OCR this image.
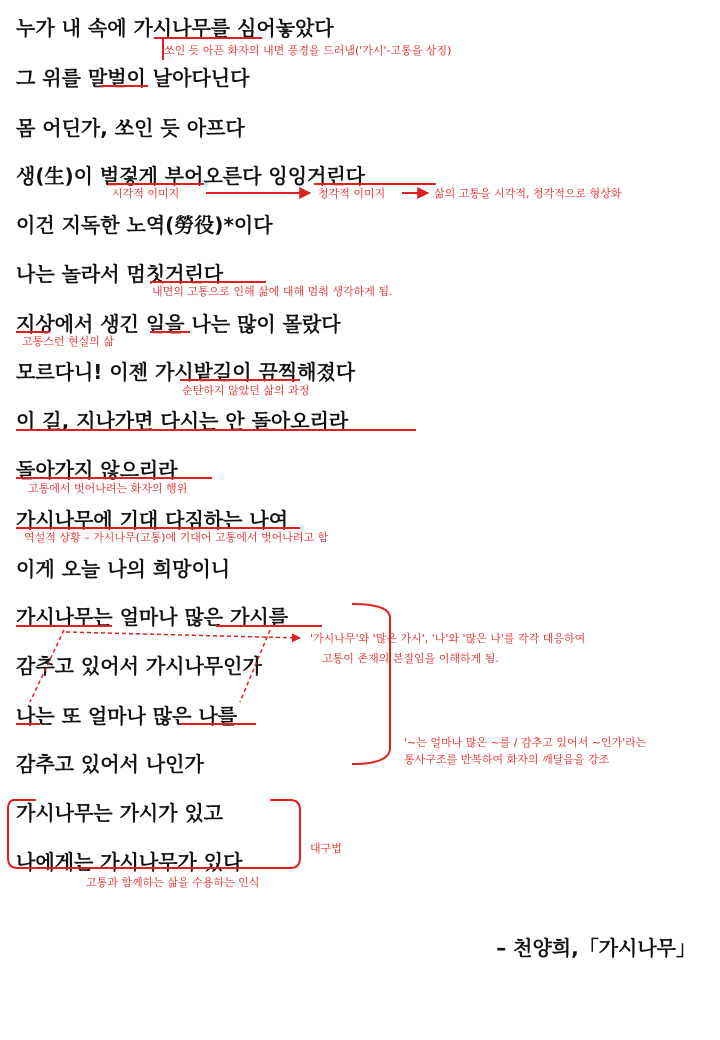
누가 내 속에 가시나무를 심어놓았다
그 위를 말벌이 날아다닌다
몸 어딘가, 쏘인 듯 아프다
생(生)이 벌겋게 부어오른다 잉잉거린다
이건 지독한 노역(勞役)*이다
나는 놀라서 멈칫거린다
지상에서 생긴 일을 나는 많이 몰랐다
모르다니! 이젠 가시밭길이 끔찍해졌다
이 길, 지나가면 다시는 안 돌아오리라
돌아가지 않으리라
가시나무에 기대 다짐하는 나여
이게 오늘 나의 희망이니
가시나무는 얼마나 많은 가시를
감추고 있어서 가시나무인가
나는 또 얼마나 많은 나를
감추고 있어서 나인가
가시나무는 가시가 있고
나에게는 가시나무가 있다
쏘인 듯 아픈 화자의 내면 풍경을 드러냄('가시'-고통을 상징)
시각적 이미지	청각적 이미지	삶의 고통을 시각적, 청각적으로 형상화
내면의 고통으로 인해 삶에 대해 멈춰 생각하게 됨.
고통스런 현실의 삶
순탄하지 않았던 삶의 과정
고통에서 벗어나려는 화자의 행위
역설적 상황 – 가시나무(고통)에 기대어 고통에서 벗어나려고 함
'가시나무'와 '많은 가시', '나'와 '많은 나'를 각각 대응하여
고통이 존재의 본질임을 이해하게 됨.
'~는 얼마나 많은 ~를 / 감추고 있어서 ~인가'라는
통사구조를 반복하여 화자의 깨달음을 강조
대구법
고통과 함께하는 삶을 수용하는 인식
– 천양희,「가시나무」
